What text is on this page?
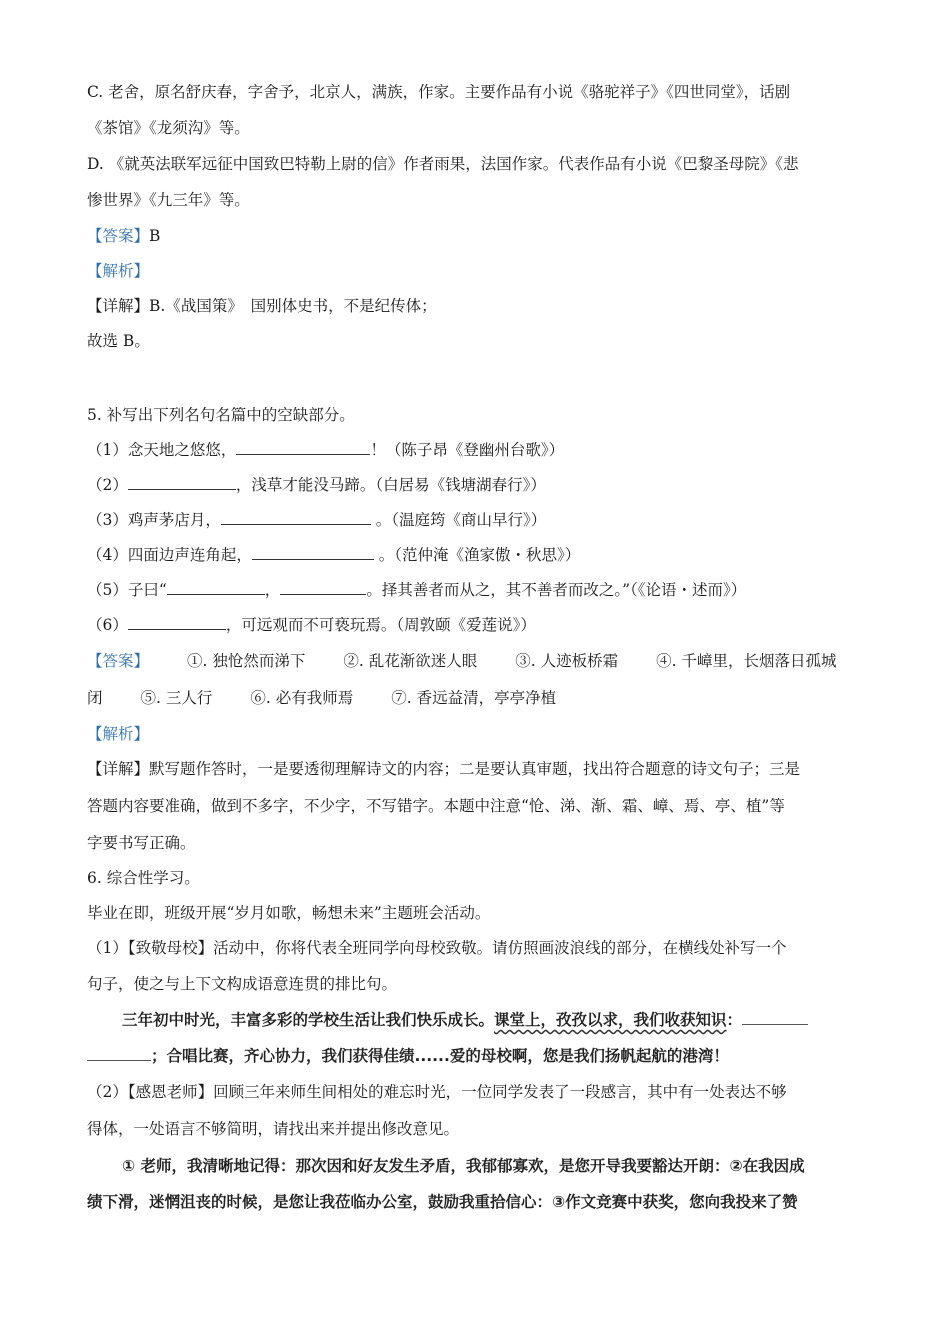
C. 老舍，原名舒庆春，字舍予，北京人，满族，作家。主要作品有小说《骆驼祥子》《四世同堂》，话剧
《茶馆》《龙须沟》等。
D. 《就英法联军远征中国致巴特勒上尉的信》作者雨果，法国作家。代表作品有小说《巴黎圣母院》《悲
惨世界》《九三年》等。
【答案】B
【解析】
【详解】B.《战国策》　国别体史书，不是纪传体；
故选 B。
5. 补写出下列名句名篇中的空缺部分。
（1）念天地之悠悠，	！（陈子昂《登幽州台歌》）
（2）	，浅草才能没马蹄。（白居易《钱塘湖春行》）
（3）鸡声茅店月，	。（温庭筠《商山早行》）
（4）四面边声连角起，	。（范仲淹《渔家傲・秋思》）
（5）子曰“	，	。择其善者而从之，其不善者而改之。”（《论语・述而》）
（6）	，可远观而不可亵玩焉。（周敦颐《爱莲说》）
【答案】 ①. 独怆然而涕下 ②. 乱花渐欲迷人眼 ③. 人迹板桥霜 ④. 千嶂里，长烟落日孤城
闭 ⑤. 三人行 ⑥. 必有我师焉 ⑦. 香远益清，亭亭净植
【解析】
【详解】默写题作答时，一是要透彻理解诗文的内容；二是要认真审题，找出符合题意的诗文句子；三是
答题内容要准确，做到不多字，不少字，不写错字。本题中注意“怆、涕、渐、霜、嶂、焉、亭、植”等
字要书写正确。
6. 综合性学习。
毕业在即，班级开展“岁月如歌，畅想未来”主题班会活动。
（1）【致敬母校】活动中，你将代表全班同学向母校致敬。请仿照画波浪线的部分，在横线处补写一个
句子，使之与上下文构成语意连贯的排比句。
三年初中时光，丰富多彩的学校生活让我们快乐成长。课堂上，孜孜以求，我们收获知识：
；合唱比赛，齐心协力，我们获得佳绩......爱的母校啊，您是我们扬帆起航的港湾！
（2）【感恩老师】回顾三年来师生间相处的难忘时光，一位同学发表了一段感言，其中有一处表达不够
得体，一处语言不够简明，请找出来并提出修改意见。
① 老师，我清晰地记得：那次因和好友发生矛盾，我郁郁寡欢，是您开导我要豁达开朗：②在我因成
绩下滑，迷惘沮丧的时候，是您让我莅临办公室，鼓励我重拾信心：③作文竞赛中获奖，您向我投来了赞
